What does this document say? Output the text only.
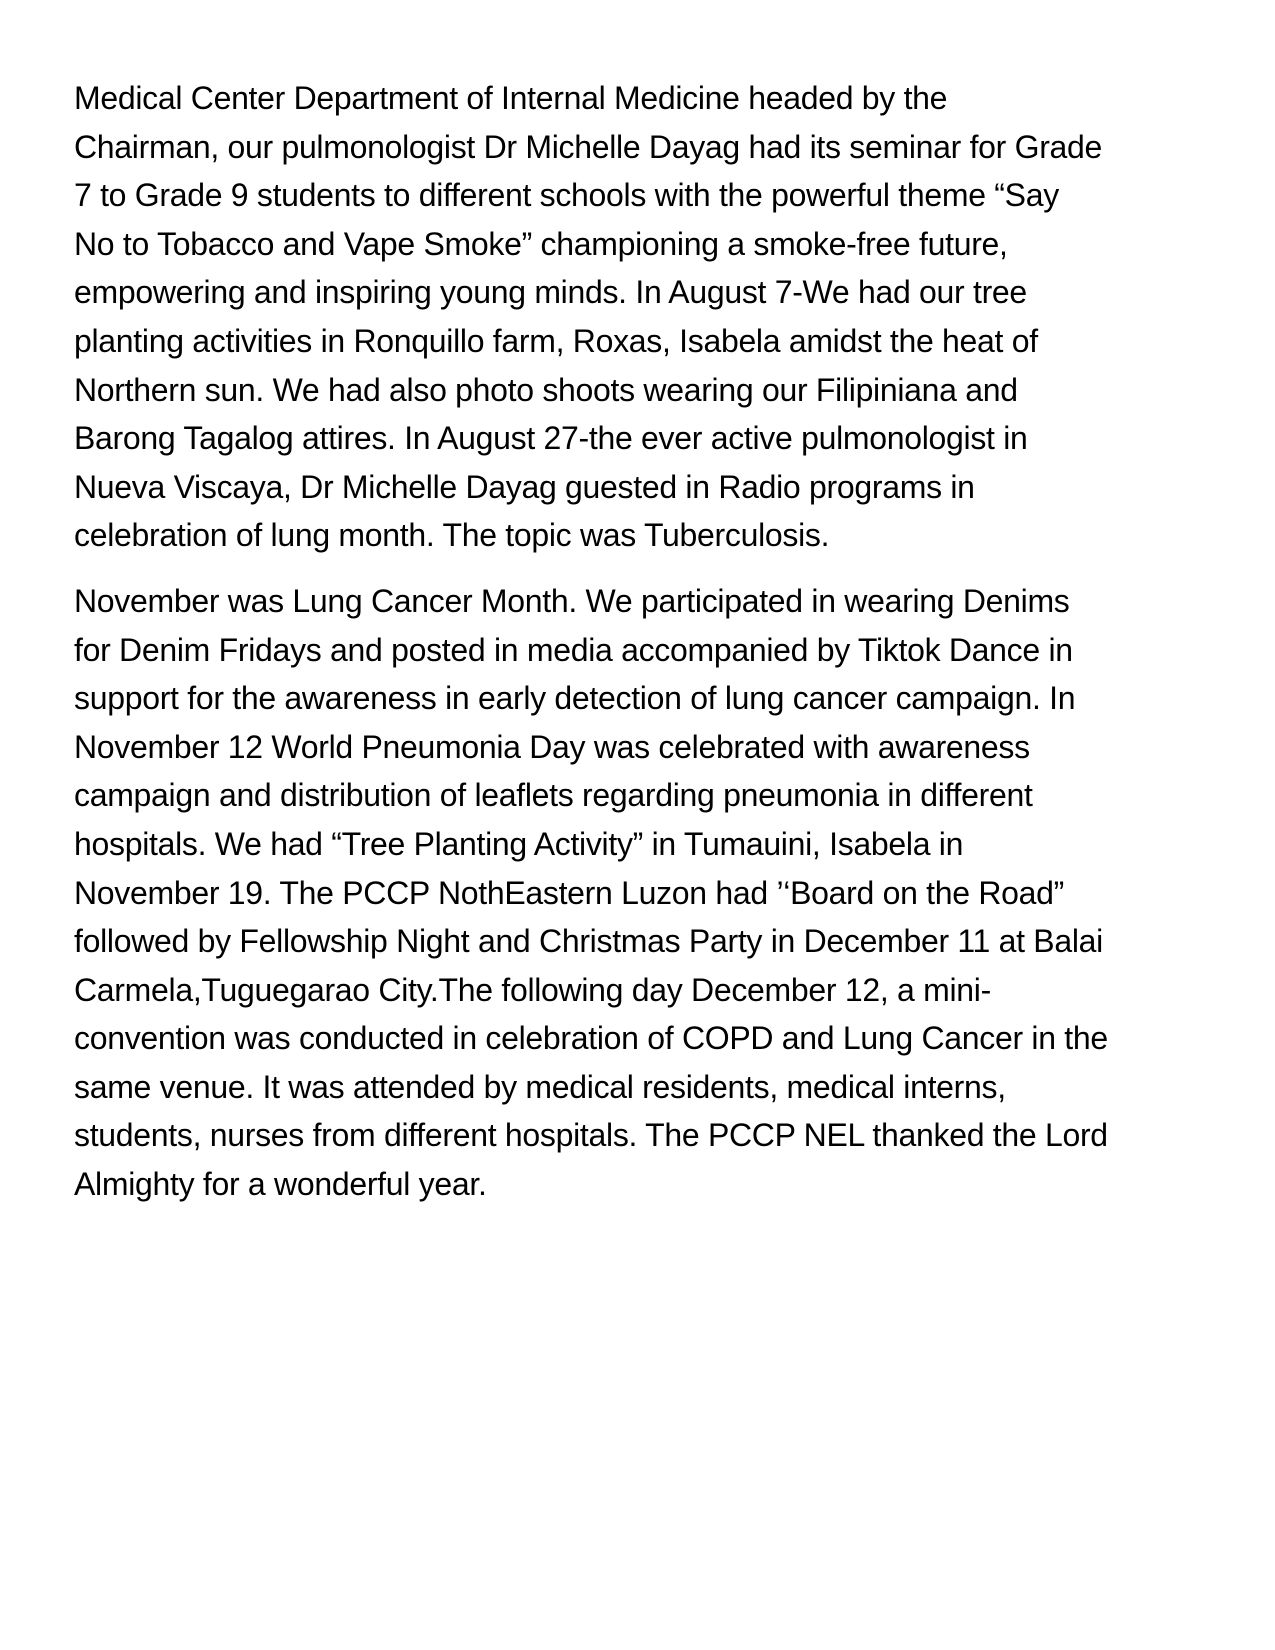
Medical Center Department of Internal Medicine headed by the
Chairman, our pulmonologist Dr Michelle Dayag had its seminar for Grade
7 to Grade 9 students to different schools with the powerful theme “Say
No to Tobacco and Vape Smoke” championing a smoke-free future,
empowering and inspiring young minds. In August 7-We had our tree
planting activities in Ronquillo farm, Roxas, Isabela amidst the heat of
Northern sun. We had also photo shoots wearing our Filipiniana and
Barong Tagalog attires. In August 27-the ever active pulmonologist in
Nueva Viscaya, Dr Michelle Dayag guested in Radio programs in
celebration of lung month. The topic was Tuberculosis.

November was Lung Cancer Month. We participated in wearing Denims
for Denim Fridays and posted in media accompanied by Tiktok Dance in
support for the awareness in early detection of lung cancer campaign. In
November 12 World Pneumonia Day was celebrated with awareness
campaign and distribution of leaflets regarding pneumonia in different
hospitals. We had “Tree Planting Activity” in Tumauini, Isabela in
November 19. The PCCP NothEastern Luzon had ’‘Board on the Road”
followed by Fellowship Night and Christmas Party in December 11 at Balai
Carmela,Tuguegarao City.The following day December 12, a mini-
convention was conducted in celebration of COPD and Lung Cancer in the
same venue. It was attended by medical residents, medical interns,
students, nurses from different hospitals. The PCCP NEL thanked the Lord
Almighty for a wonderful year.
